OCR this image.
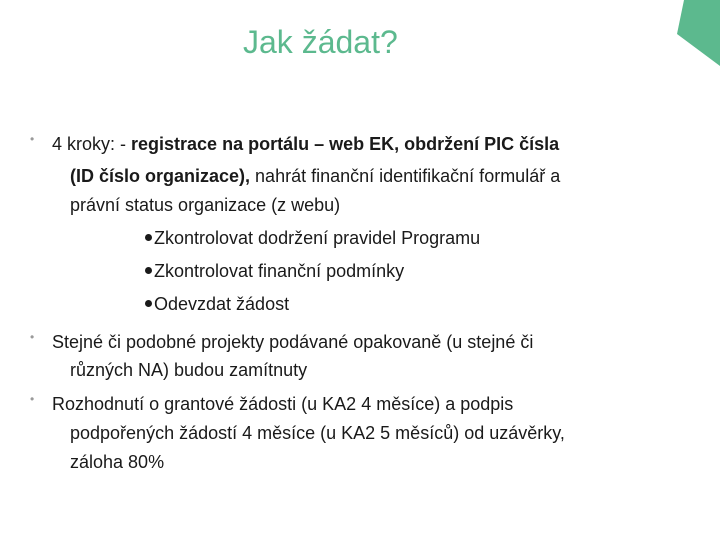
Jak žádat?
• 4 kroky: - registrace na portálu – web EK, obdržení PIC čísla
(ID číslo organizace), nahrát finanční identifikační formulář a
právní status organizace (z webu)
Zkontrolovat dodržení pravidel Programu
Zkontrolovat finanční podmínky
Odevzdat žádost
• Stejné či podobné projekty podávané opakovaně (u stejné či
různých NA) budou zamítnuty
• Rozhodnutí o grantové žádosti (u KA2 4 měsíce) a podpis
podpořených žádostí 4 měsíce (u KA2 5 měsíců) od uzávěrky,
záloha 80%
